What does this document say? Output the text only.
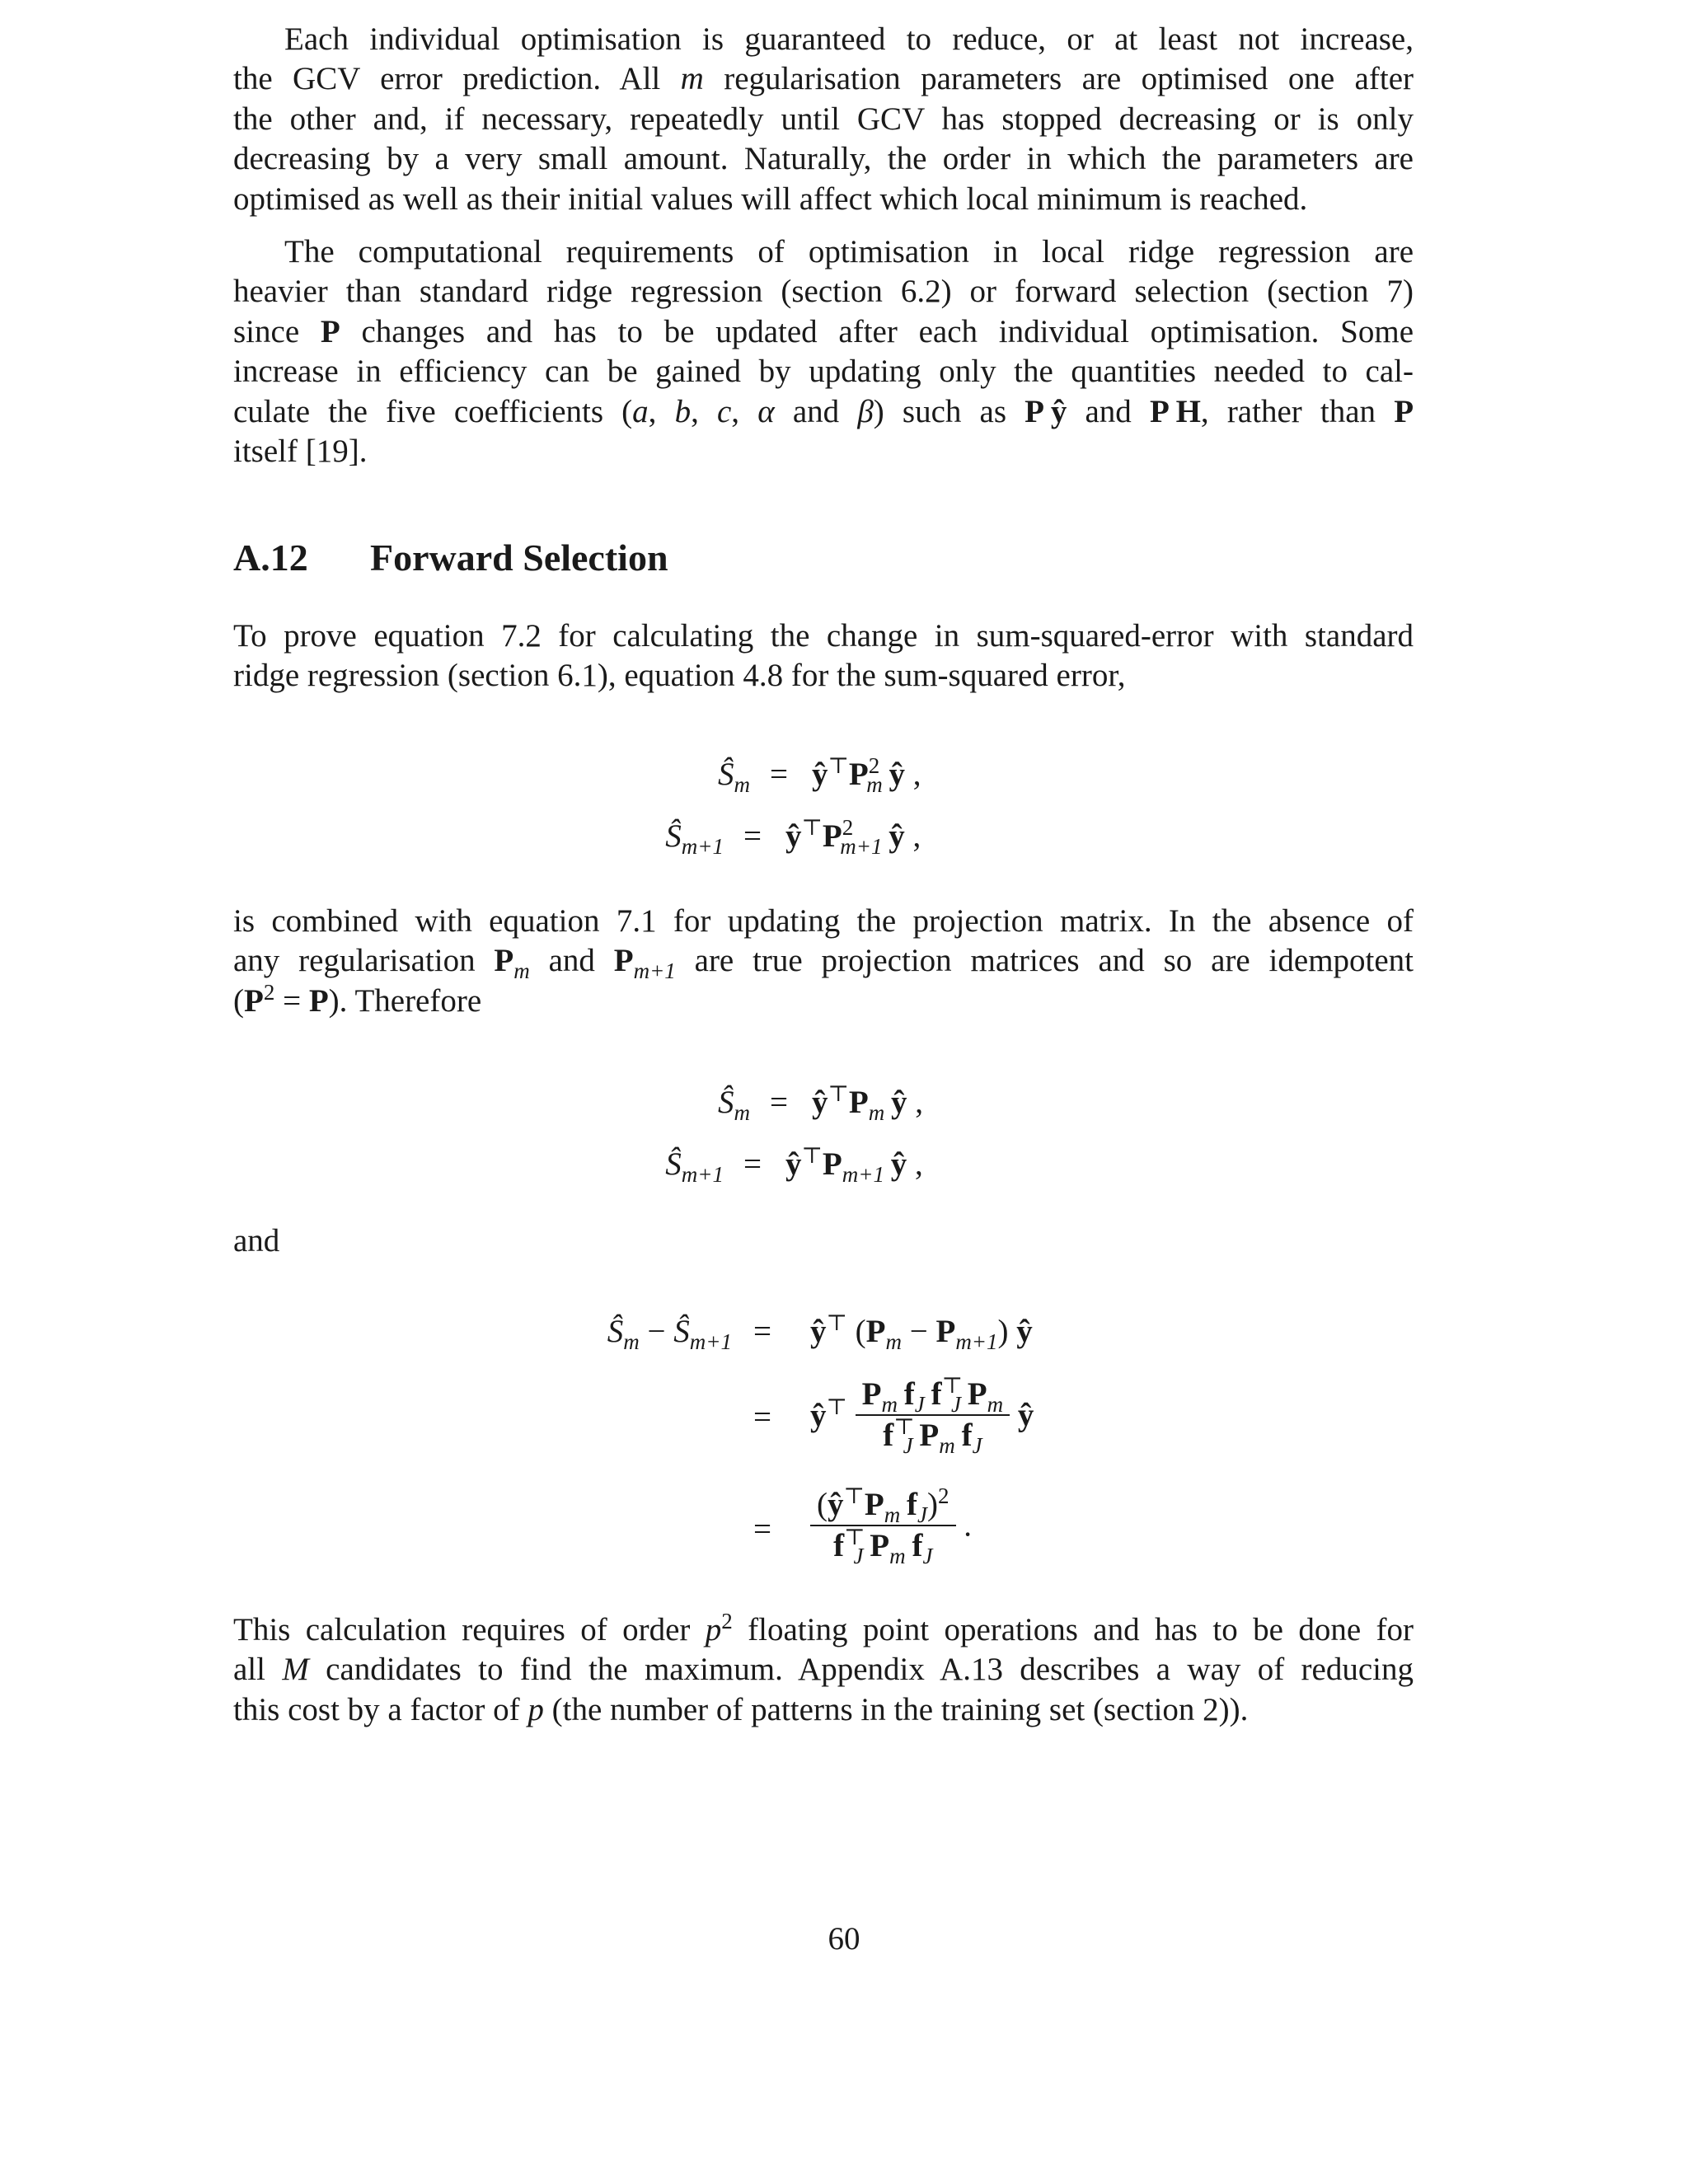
Each individual optimisation is guaranteed to reduce, or at least not increase,
the GCV error prediction. All m regularisation parameters are optimised one after
the other and, if necessary, repeatedly until GCV has stopped decreasing or is only
decreasing by a very small amount. Naturally, the order in which the parameters are
optimised as well as their initial values will affect which local minimum is reached.
The computational requirements of optimisation in local ridge regression are
heavier than standard ridge regression (section 6.2) or forward selection (section 7)
since P changes and has to be updated after each individual optimisation. Some
increase in efficiency can be gained by updating only the quantities needed to cal-
culate the five coefficients (a, b, c, α and β) such as P  ŷ and P  H, rather than P
itself [19].
A.12 Forward Selection
To prove equation 7.2 for calculating the change in sum-squared-error with standard
ridge regression (section 6.1), equation 4.8 for the sum-squared error,
$Ŝ_m$ = $ŷ^⊤P^2_m$  ŷ ,
$Ŝ_{m+1}$ = $ŷ^⊤P^2_{m+1}$  ŷ ,
is combined with equation 7.1 for updating the projection matrix. In the absence of
any regularisation $P_m$ and $P_{m+1}$ are true projection matrices and so are idempotent
$(P^2 = P)$. Therefore
$Ŝ_m$ = $ŷ^⊤P_m$  ŷ ,
$Ŝ_{m+1}$ = $ŷ^⊤P_{m+1}$  ŷ ,
and
$Ŝ_m$ − $Ŝ_{m+1}$ = ŷ⊤ $(P_m - P_{m+1})$ ŷ
= ŷ⊤ $\frac{P_m f_J f^⊤_J P_m}{f^⊤_J P_m f_J}$ ŷ
= $\frac{(ŷ^⊤P_m f_J)^2}{f^⊤_J P_m f_J}$ .
This calculation requires of order $p^2$ floating point operations and has to be done for
all M candidates to find the maximum. Appendix A.13 describes a way of reducing
this cost by a factor of p (the number of patterns in the training set (section 2)).
60
